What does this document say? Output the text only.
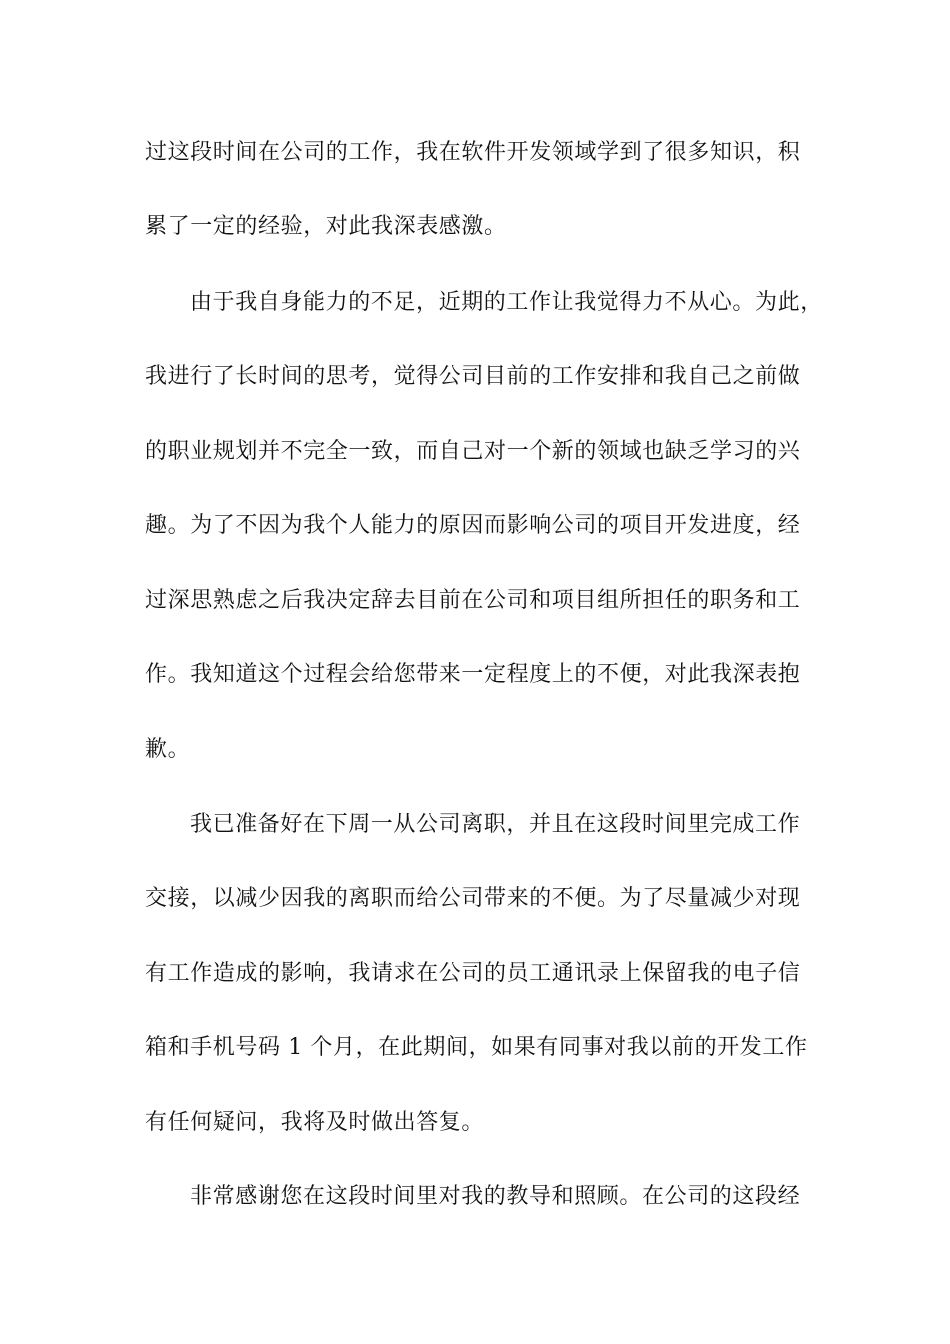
过这段时间在公司的工作，我在软件开发领域学到了很多知识，积
累了一定的经验，对此我深表感激。
由于我自身能力的不足，近期的工作让我觉得力不从心。为此，
我进行了长时间的思考，觉得公司目前的工作安排和我自己之前做
的职业规划并不完全一致，而自己对一个新的领域也缺乏学习的兴
趣。为了不因为我个人能力的原因而影响公司的项目开发进度，经
过深思熟虑之后我决定辞去目前在公司和项目组所担任的职务和工
作。我知道这个过程会给您带来一定程度上的不便，对此我深表抱
歉。
我已准备好在下周一从公司离职，并且在这段时间里完成工作
交接，以减少因我的离职而给公司带来的不便。为了尽量减少对现
有工作造成的影响，我请求在公司的员工通讯录上保留我的电子信
箱和手机号码 1 个月，在此期间，如果有同事对我以前的开发工作
有任何疑问，我将及时做出答复。
非常感谢您在这段时间里对我的教导和照顾。在公司的这段经
